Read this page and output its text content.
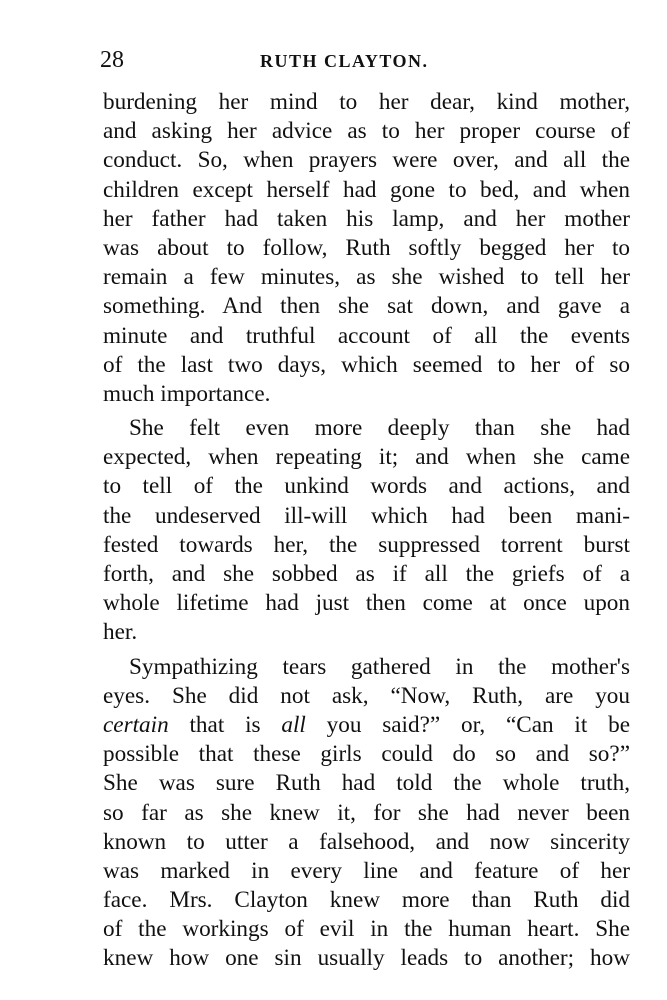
28	RUTH CLAYTON.
burdening her mind to her dear, kind mother,
and asking her advice as to her proper course of
conduct. So, when prayers were over, and all the
children except herself had gone to bed, and when
her father had taken his lamp, and her mother
was about to follow, Ruth softly begged her to
remain a few minutes, as she wished to tell her
something. And then she sat down, and gave a
minute and truthful account of all the events
of the last two days, which seemed to her of so
much importance.
She felt even more deeply than she had
expected, when repeating it; and when she came
to tell of the unkind words and actions, and
the undeserved ill-will which had been mani-
fested towards her, the suppressed torrent burst
forth, and she sobbed as if all the griefs of a
whole lifetime had just then come at once upon
her.
Sympathizing tears gathered in the mother's
eyes. She did not ask, “Now, Ruth, are you
certain that is all you said?” or, “Can it be
possible that these girls could do so and so?”
She was sure Ruth had told the whole truth,
so far as she knew it, for she had never been
known to utter a falsehood, and now sincerity
was marked in every line and feature of her
face. Mrs. Clayton knew more than Ruth did
of the workings of evil in the human heart. She
knew how one sin usually leads to another; how
